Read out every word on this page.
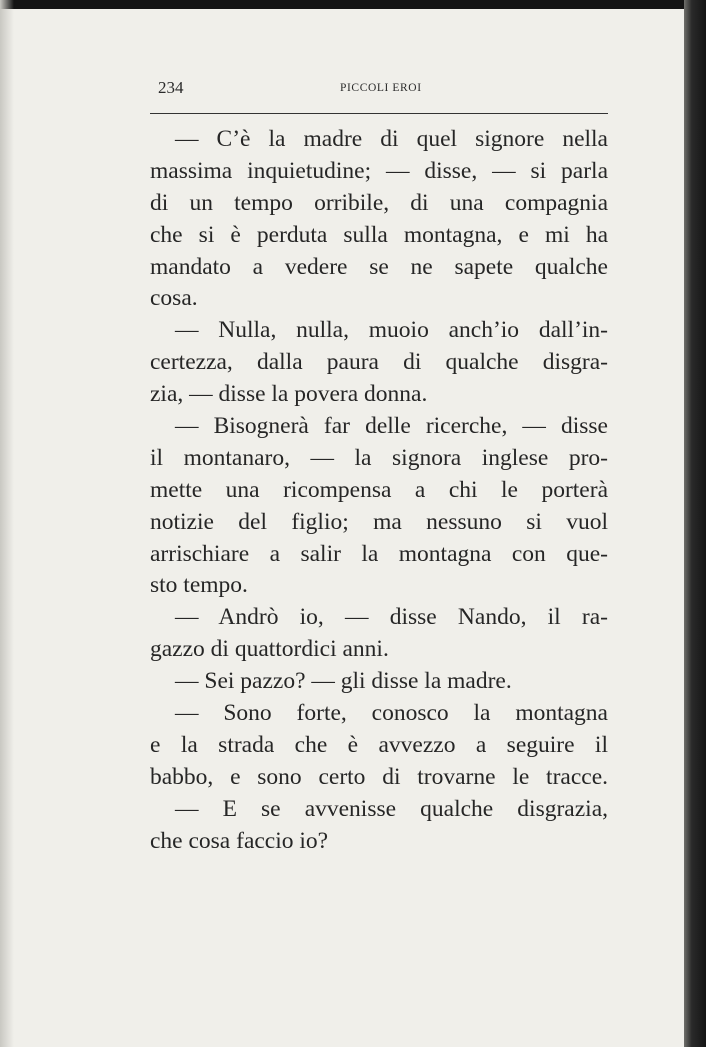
234	PICCOLI EROI
— C’è la madre di quel signore nella
massima inquietudine; — disse, — si parla
di un tempo orribile, di una compagnia
che si è perduta sulla montagna, e mi ha
mandato a vedere se ne sapete qualche
cosa.
— Nulla, nulla, muoio anch’io dall’in-
certezza, dalla paura di qualche disgra-
zia, — disse la povera donna.
— Bisognerà far delle ricerche, — disse
il montanaro, — la signora inglese pro-
mette una ricompensa a chi le porterà
notizie del figlio; ma nessuno si vuol
arrischiare a salir la montagna con que-
sto tempo.
— Andrò io, — disse Nando, il ra-
gazzo di quattordici anni.
— Sei pazzo? — gli disse la madre.
— Sono forte, conosco la montagna
e la strada che è avvezzo a seguire il
babbo, e sono certo di trovarne le tracce.
— E se avvenisse qualche disgrazia,
che cosa faccio io?
